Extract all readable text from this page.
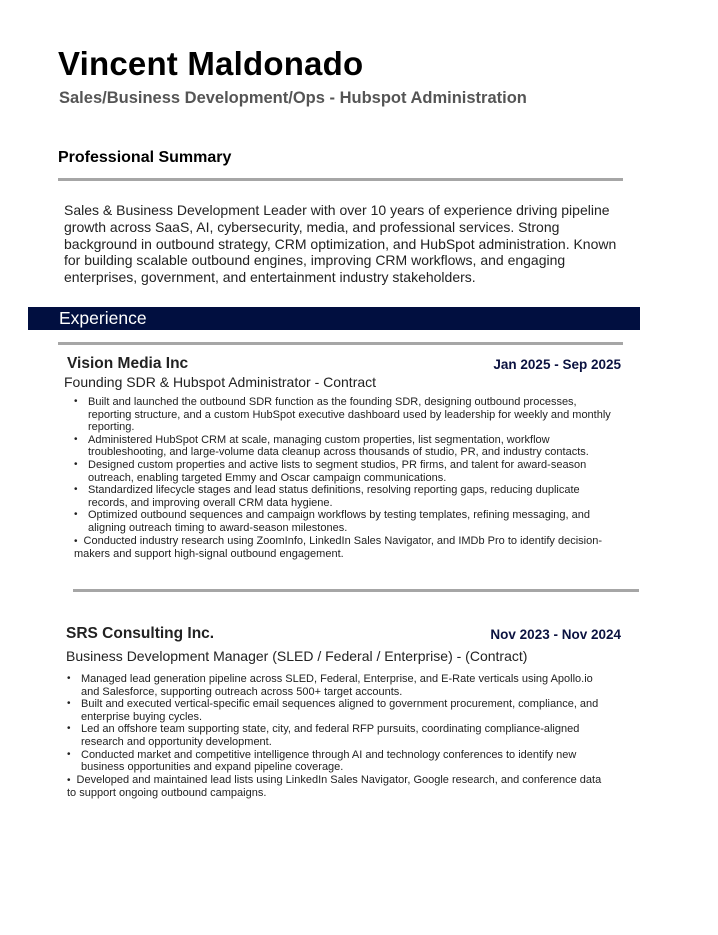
Vincent Maldonado
Sales/Business Development/Ops - Hubspot Administration
Professional Summary
Sales & Business Development Leader with over 10 years of experience driving pipeline growth across SaaS, AI, cybersecurity, media, and professional services. Strong background in outbound strategy, CRM optimization, and HubSpot administration. Known for building scalable outbound engines, improving CRM workflows, and engaging enterprises, government, and entertainment industry stakeholders.
Experience
Vision Media Inc	Jan 2025 - Sep 2025
Founding SDR & Hubspot Administrator - Contract
• Built and launched the outbound SDR function as the founding SDR, designing outbound processes, reporting structure, and a custom HubSpot executive dashboard used by leadership for weekly and monthly reporting.
• Administered HubSpot CRM at scale, managing custom properties, list segmentation, workflow troubleshooting, and large-volume data cleanup across thousands of studio, PR, and industry contacts.
• Designed custom properties and active lists to segment studios, PR firms, and talent for award-season outreach, enabling targeted Emmy and Oscar campaign communications.
• Standardized lifecycle stages and lead status definitions, resolving reporting gaps, reducing duplicate records, and improving overall CRM data hygiene.
• Optimized outbound sequences and campaign workflows by testing templates, refining messaging, and aligning outreach timing to award-season milestones.
• Conducted industry research using ZoomInfo, LinkedIn Sales Navigator, and IMDb Pro to identify decision-makers and support high-signal outbound engagement.
SRS Consulting Inc.	Nov 2023 - Nov 2024
Business Development Manager (SLED / Federal / Enterprise) - (Contract)
• Managed lead generation pipeline across SLED, Federal, Enterprise, and E-Rate verticals using Apollo.io and Salesforce, supporting outreach across 500+ target accounts.
• Built and executed vertical-specific email sequences aligned to government procurement, compliance, and enterprise buying cycles.
• Led an offshore team supporting state, city, and federal RFP pursuits, coordinating compliance-aligned research and opportunity development.
• Conducted market and competitive intelligence through AI and technology conferences to identify new business opportunities and expand pipeline coverage.
• Developed and maintained lead lists using LinkedIn Sales Navigator, Google research, and conference data to support ongoing outbound campaigns.
